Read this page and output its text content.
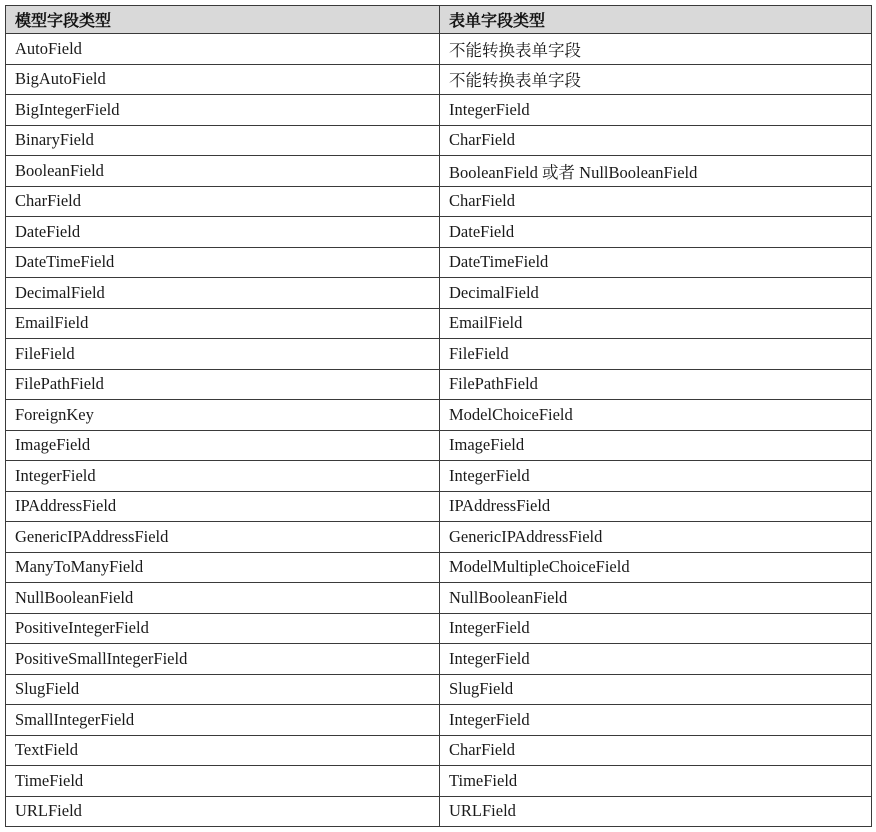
模型字段类型	表单字段类型
AutoField	不能转换表单字段
BigAutoField	不能转换表单字段
BigIntegerField	IntegerField
BinaryField	CharField
BooleanField	BooleanField 或者 NullBooleanField
CharField	CharField
DateField	DateField
DateTimeField	DateTimeField
DecimalField	DecimalField
EmailField	EmailField
FileField	FileField
FilePathField	FilePathField
ForeignKey	ModelChoiceField
ImageField	ImageField
IntegerField	IntegerField
IPAddressField	IPAddressField
GenericIPAddressField	GenericIPAddressField
ManyToManyField	ModelMultipleChoiceField
NullBooleanField	NullBooleanField
PositiveIntegerField	IntegerField
PositiveSmallIntegerField	IntegerField
SlugField	SlugField
SmallIntegerField	IntegerField
TextField	CharField
TimeField	TimeField
URLField	URLField
